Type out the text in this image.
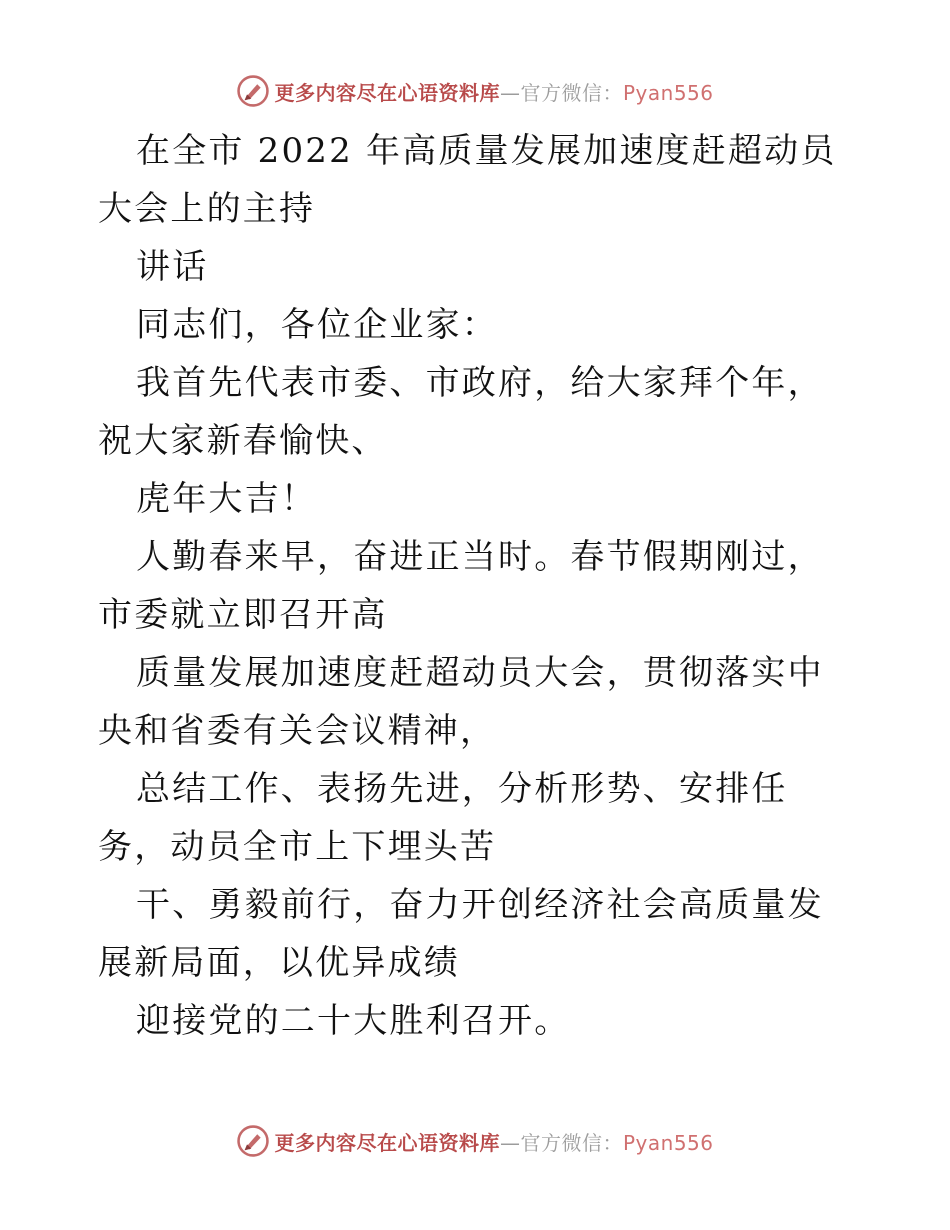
更多内容尽在心语资料库—官方微信：Pyan556

在全市 2022 年高质量发展加速度赶超动员大会上的主持

讲话

同志们，各位企业家：

我首先代表市委、市政府，给大家拜个年，祝大家新春愉快、

虎年大吉！

人勤春来早，奋进正当时。春节假期刚过，市委就立即召开高

质量发展加速度赶超动员大会，贯彻落实中央和省委有关会议精神，

总结工作、表扬先进，分析形势、安排任务，动员全市上下埋头苦

干、勇毅前行，奋力开创经济社会高质量发展新局面，以优异成绩

迎接党的二十大胜利召开。

更多内容尽在心语资料库—官方微信：Pyan556
